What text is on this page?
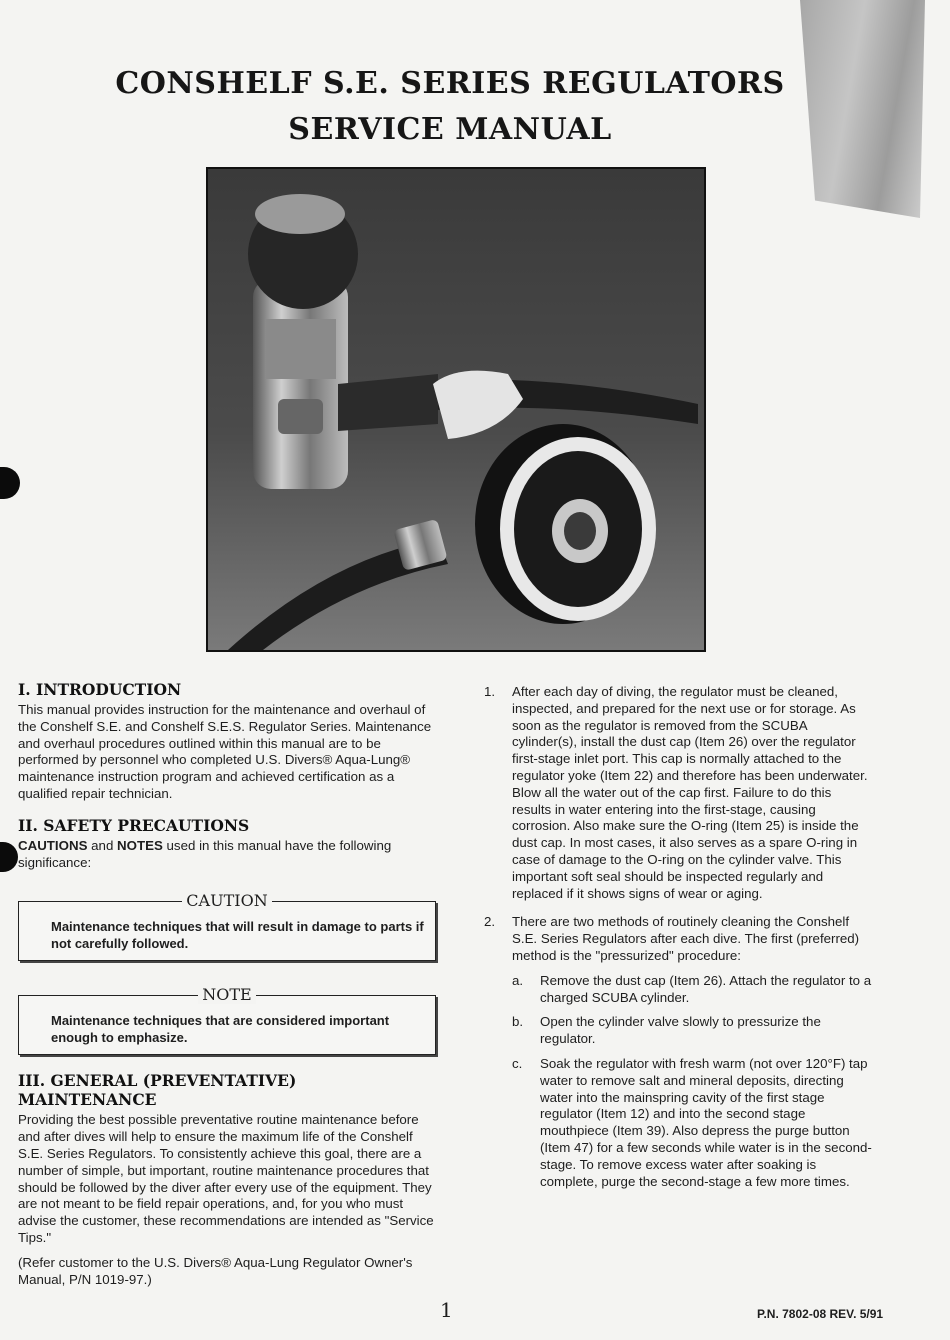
CONSHELF S.E. SERIES REGULATORS
SERVICE MANUAL
I. INTRODUCTION

This manual provides instruction for the maintenance and overhaul of the Conshelf S.E. and Conshelf S.E.S. Regulator Series. Maintenance and overhaul procedures outlined within this manual are to be performed by personnel who completed U.S. Divers® Aqua-Lung® maintenance instruction program and achieved certification as a qualified repair technician.

II. SAFETY PRECAUTIONS

CAUTIONS and NOTES used in this manual have the following significance:

CAUTION

Maintenance techniques that will result in damage to parts if not carefully followed.

NOTE

Maintenance techniques that are considered important enough to emphasize.

III. GENERAL (PREVENTATIVE) MAINTENANCE

Providing the best possible preventative routine maintenance before and after dives will help to ensure the maximum life of the Conshelf S.E. Series Regulators. To consistently achieve this goal, there are a number of simple, but important, routine maintenance procedures that should be followed by the diver after every use of the equipment. They are not meant to be field repair operations, and, for you who must advise the customer, these recommendations are intended as "Service Tips."

(Refer customer to the U.S. Divers® Aqua-Lung Regulator Owner's Manual, P/N 1019-97.)

1. After each day of diving, the regulator must be cleaned, inspected, and prepared for the next use or for storage. As soon as the regulator is removed from the SCUBA cylinder(s), install the dust cap (Item 26) over the regulator first-stage inlet port. This cap is normally attached to the regulator yoke (Item 22) and therefore has been underwater. Blow all the water out of the cap first. Failure to do this results in water entering into the first-stage, causing corrosion. Also make sure the O-ring (Item 25) is inside the dust cap. In most cases, it also serves as a spare O-ring in case of damage to the O-ring on the cylinder valve. This important soft seal should be inspected regularly and replaced if it shows signs of wear or aging.
2. There are two methods of routinely cleaning the Conshelf S.E. Series Regulators after each dive. The first (preferred) method is the "pressurized" procedure:
a. Remove the dust cap (Item 26). Attach the regulator to a charged SCUBA cylinder.
b. Open the cylinder valve slowly to pressurize the regulator.
c. Soak the regulator with fresh warm (not over 120°F) tap water to remove salt and mineral deposits, directing water into the mainspring cavity of the first stage regulator (Item 12) and into the second stage mouthpiece (Item 39). Also depress the purge button (Item 47) for a few seconds while water is in the second-stage. To remove excess water after soaking is complete, purge the second-stage a few more times.
1	P.N. 7802-08 REV. 5/91
